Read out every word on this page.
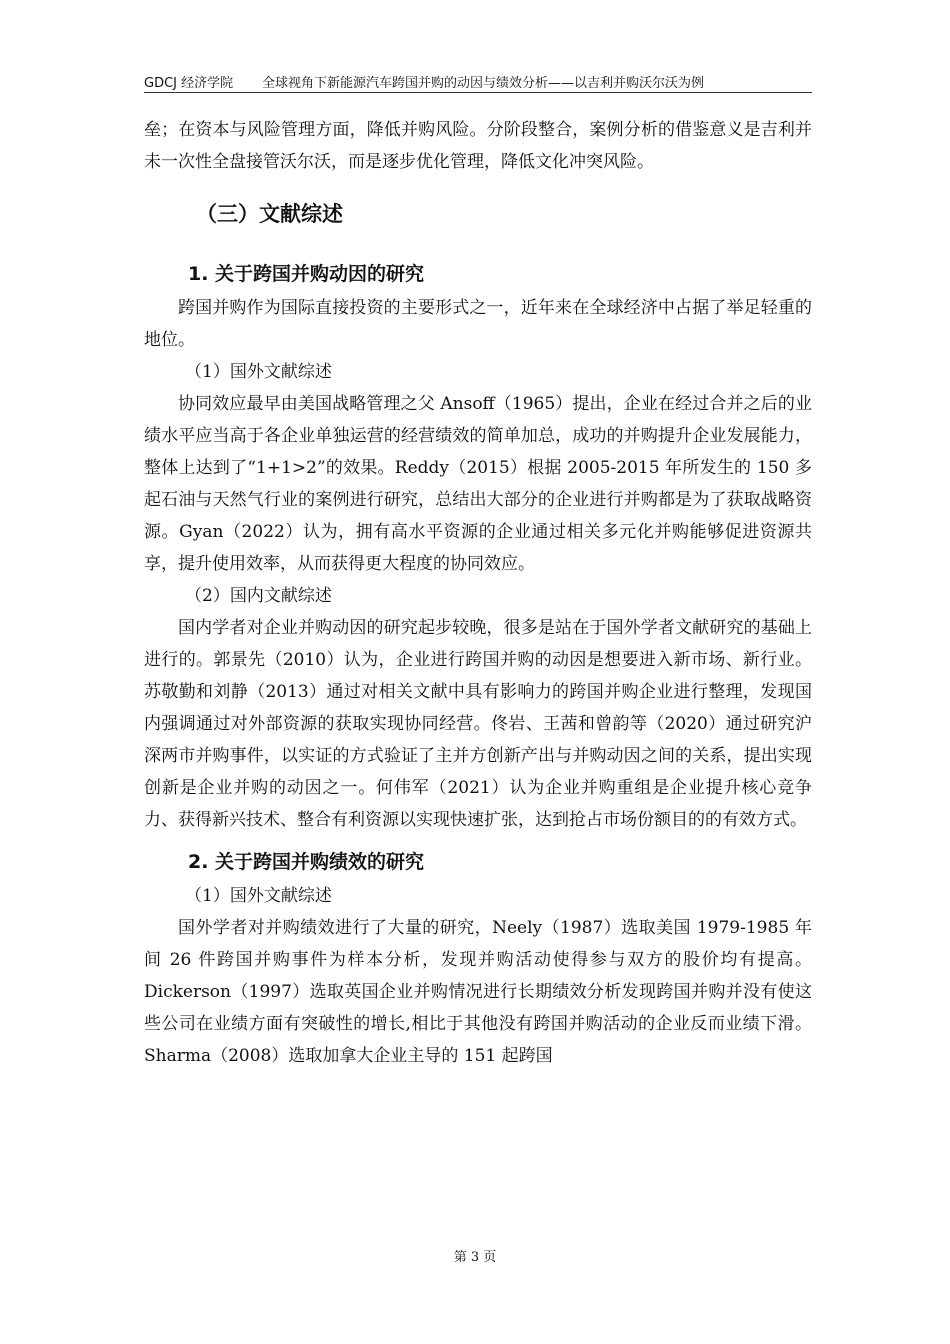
GDCJ 经济学院 全球视角下新能源汽车跨国并购的动因与绩效分析——以吉利并购沃尔沃为例

垒；在资本与风险管理方面，降低并购风险。分阶段整合，案例分析的借鉴意义是吉利并未一次性全盘接管沃尔沃，而是逐步优化管理，降低文化冲突风险。

（三）文献综述
1. 关于跨国并购动因的研究

跨国并购作为国际直接投资的主要形式之一，近年来在全球经济中占据了举足轻重的地位。

（1）国外文献综述

协同效应最早由美国战略管理之父 Ansoff（1965）提出，企业在经过合并之后的业绩水平应当高于各企业单独运营的经营绩效的简单加总，成功的并购提升企业发展能力，整体上达到了“1+1>2”的效果。Reddy（2015）根据 2005-2015 年所发生的 150 多起石油与天然气行业的案例进行研究，总结出大部分的企业进行并购都是为了获取战略资源。Gyan（2022）认为，拥有高水平资源的企业通过相关多元化并购能够促进资源共享，提升使用效率，从而获得更大程度的协同效应。

（2）国内文献综述

国内学者对企业并购动因的研究起步较晚，很多是站在于国外学者文献研究的基础上进行的。郭景先（2010）认为，企业进行跨国并购的动因是想要进入新市场、新行业。苏敬勤和刘静（2013）通过对相关文献中具有影响力的跨国并购企业进行整理，发现国内强调通过对外部资源的获取实现协同经营。佟岩、王茜和曾韵等（2020）通过研究沪深两市并购事件，以实证的方式验证了主并方创新产出与并购动因之间的关系，提出实现创新是企业并购的动因之一。何伟军（2021）认为企业并购重组是企业提升核心竞争力、获得新兴技术、整合有利资源以实现快速扩张，达到抢占市场份额目的的有效方式。

2. 关于跨国并购绩效的研究

（1）国外文献综述

国外学者对并购绩效进行了大量的研究，Neely（1987）选取美国 1979-1985 年间 26 件跨国并购事件为样本分析，发现并购活动使得参与双方的股价均有提高。Dickerson（1997）选取英国企业并购情况进行长期绩效分析发现跨国并购并没有使这些公司在业绩方面有突破性的增长,相比于其他没有跨国并购活动的企业反而业绩下滑。Sharma（2008）选取加拿大企业主导的 151 起跨国

第 3 页
